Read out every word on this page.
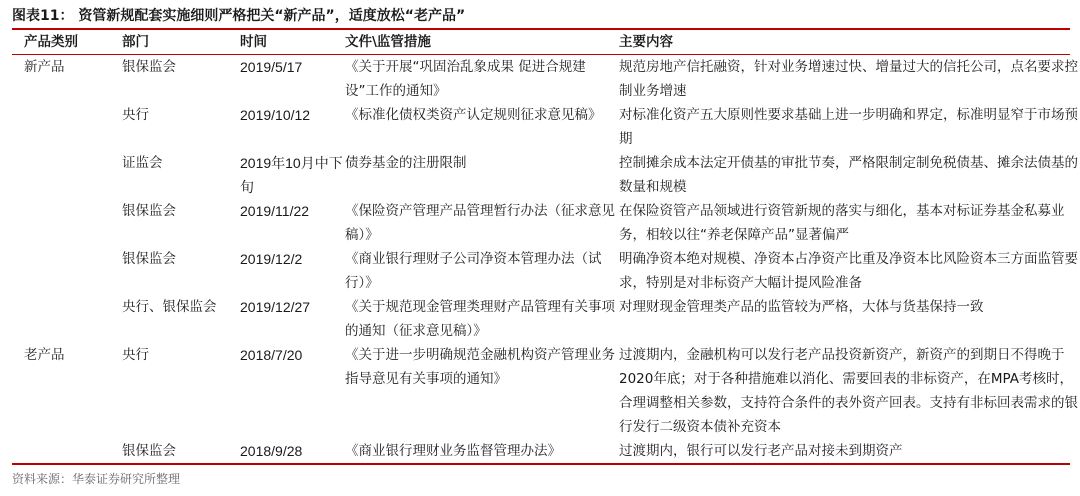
图表11： 资管新规配套实施细则严格把关“新产品”，适度放松“老产品”
产品类别	部门	时间	文件\监管措施	主要内容
新产品	银保监会	2019/5/17	《关于开展“巩固治乱象成果 促进合规建设”工作的通知》	规范房地产信托融资，针对业务增速过快、增量过大的信托公司，点名要求控制业务增速
	央行	2019/10/12	《标准化债权类资产认定规则征求意见稿》	对标准化资产五大原则性要求基础上进一步明确和界定，标准明显窄于市场预期
	证监会	2019年10月中下旬	债券基金的注册限制	控制摊余成本法定开债基的审批节奏，严格限制定制免税债基、摊余法债基的数量和规模
	银保监会	2019/11/22	《保险资产管理产品管理暂行办法（征求意见稿）》	在保险资管产品领域进行资管新规的落实与细化，基本对标证券基金私募业务，相较以往“养老保障产品”显著偏严
	银保监会	2019/12/2	《商业银行理财子公司净资本管理办法（试行）》	明确净资本绝对规模、净资本占净资产比重及净资本比风险资本三方面监管要求，特别是对非标资产大幅计提风险准备
	央行、银保监会	2019/12/27	《关于规范现金管理类理财产品管理有关事项的通知（征求意见稿）》	对理财现金管理类产品的监管较为严格，大体与货基保持一致
老产品	央行	2018/7/20	《关于进一步明确规范金融机构资产管理业务指导意见有关事项的通知》	过渡期内，金融机构可以发行老产品投资新资产，新资产的到期日不得晚于2020年底；对于各种措施难以消化、需要回表的非标资产，在MPA考核时，合理调整相关参数，支持符合条件的表外资产回表。支持有非标回表需求的银行发行二级资本债补充资本
	银保监会	2018/9/28	《商业银行理财业务监督管理办法》	过渡期内，银行可以发行老产品对接未到期资产
资料来源：华泰证券研究所整理
